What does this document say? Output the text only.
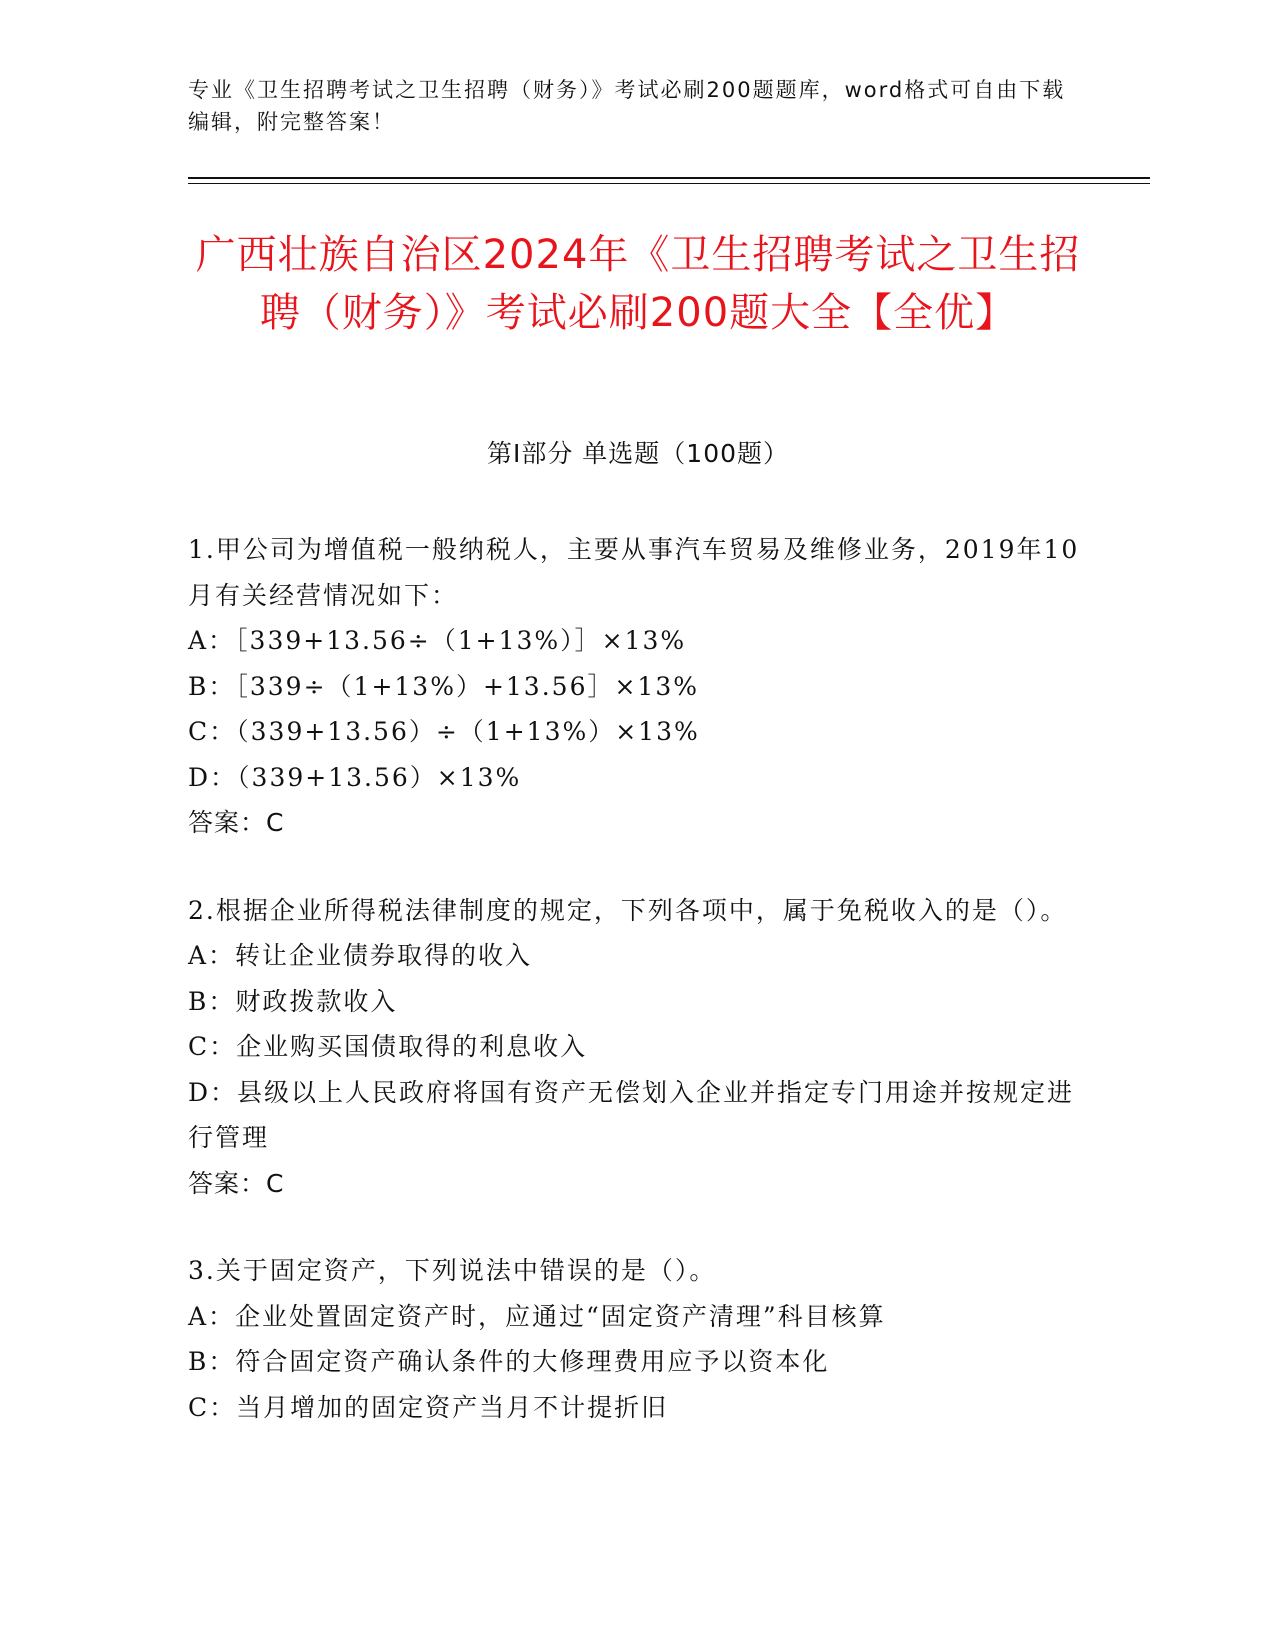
专业《卫生招聘考试之卫生招聘（财务）》考试必刷200题题库，word格式可自由下载编辑，附完整答案！
广西壮族自治区2024年《卫生招聘考试之卫生招聘（财务）》考试必刷200题大全【全优】
第I部分 单选题（100题）

1.甲公司为增值税一般纳税人，主要从事汽车贸易及维修业务，2019年10月有关经营情况如下：

A：［339+13.56÷（1+13%）］×13%

B：［339÷（1+13%）+13.56］×13%

C：（339+13.56）÷（1+13%）×13%

D：（339+13.56）×13%

答案：C

2.根据企业所得税法律制度的规定，下列各项中，属于免税收入的是（）。

A：转让企业债券取得的收入

B：财政拨款收入

C：企业购买国债取得的利息收入

D：县级以上人民政府将国有资产无偿划入企业并指定专门用途并按规定进行管理

答案：C

3.关于固定资产，下列说法中错误的是（）。

A：企业处置固定资产时，应通过“固定资产清理”科目核算

B：符合固定资产确认条件的大修理费用应予以资本化

C：当月增加的固定资产当月不计提折旧
